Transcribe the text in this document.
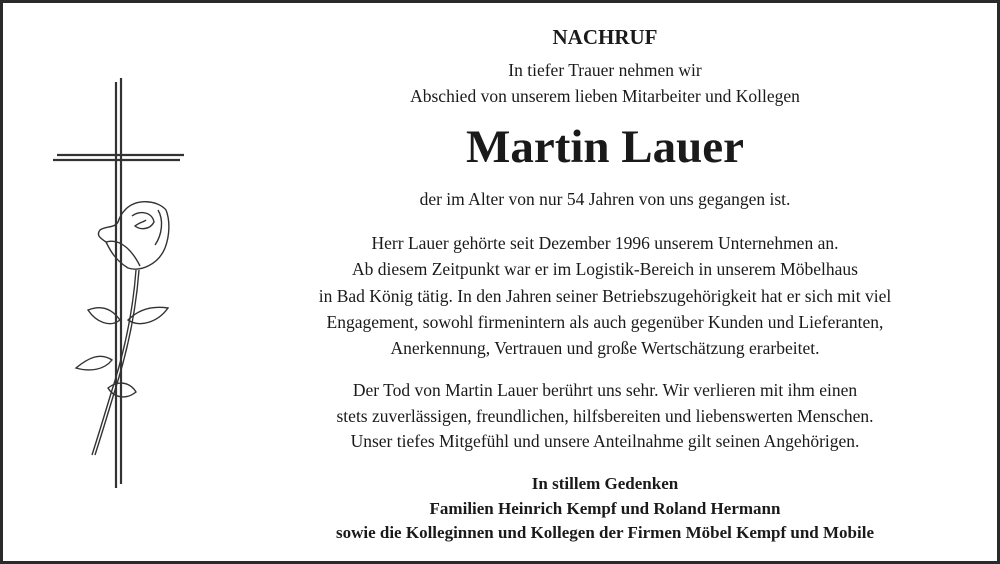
NACHRUF
In tiefer Trauer nehmen wir
Abschied von unserem lieben Mitarbeiter und Kollegen
Martin Lauer
der im Alter von nur 54 Jahren von uns gegangen ist.
Herr Lauer gehörte seit Dezember 1996 unserem Unternehmen an.
Ab diesem Zeitpunkt war er im Logistik-Bereich in unserem Möbelhaus
in Bad König tätig. In den Jahren seiner Betriebszugehörigkeit hat er sich mit viel
Engagement, sowohl firmenintern als auch gegenüber Kunden und Lieferanten,
Anerkennung, Vertrauen und große Wertschätzung erarbeitet.
Der Tod von Martin Lauer berührt uns sehr. Wir verlieren mit ihm einen
stets zuverlässigen, freundlichen, hilfsbereiten und liebenswerten Menschen.
Unser tiefes Mitgefühl und unsere Anteilnahme gilt seinen Angehörigen.
In stillem Gedenken
Familien Heinrich Kempf und Roland Hermann
sowie die Kolleginnen und Kollegen der Firmen Möbel Kempf und Mobile
